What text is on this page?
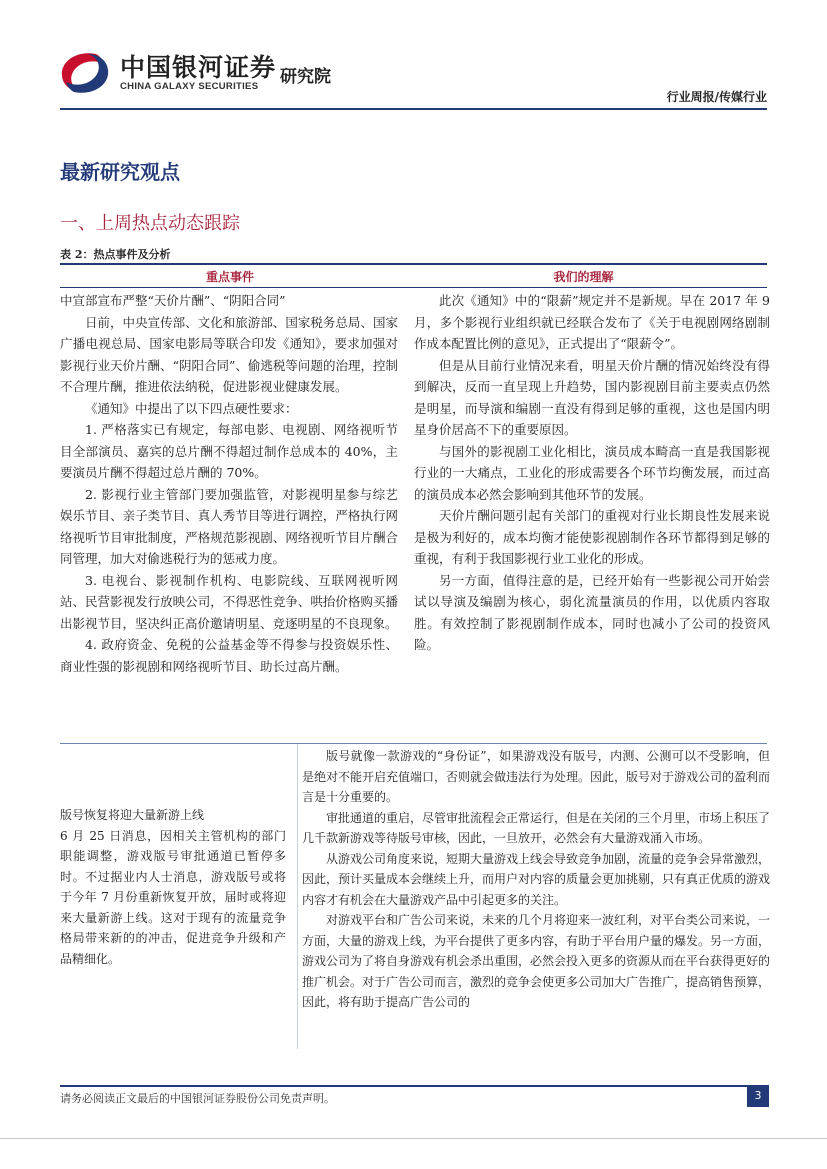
中国银河证券
CHINA GALAXY SECURITIES 研究院
行业周报/传媒行业
最新研究观点
一、上周热点动态跟踪
表 2：热点事件及分析
重点事件	我们的理解

中宣部宣布严整“天价片酬”、“阴阳合同”

日前，中央宣传部、文化和旅游部、国家税务总局、国家广播电视总局、国家电影局等联合印发《通知》，要求加强对影视行业天价片酬、“阴阳合同”、偷逃税等问题的治理，控制不合理片酬，推进依法纳税，促进影视业健康发展。

《通知》中提出了以下四点硬性要求：

1. 严格落实已有规定，每部电影、电视剧、网络视听节目全部演员、嘉宾的总片酬不得超过制作总成本的 40%，主要演员片酬不得超过总片酬的 70%。

2. 影视行业主管部门要加强监管，对影视明星参与综艺娱乐节目、亲子类节目、真人秀节目等进行调控，严格执行网络视听节目审批制度，严格规范影视剧、网络视听节目片酬合同管理，加大对偷逃税行为的惩戒力度。

3. 电视台、影视制作机构、电影院线、互联网视听网站、民营影视发行放映公司，不得恶性竞争、哄抬价格购买播出影视节目，坚决纠正高价邀请明星、竞逐明星的不良现象。

4. 政府资金、免税的公益基金等不得参与投资娱乐性、商业性强的影视剧和网络视听节目、助长过高片酬。

此次《通知》中的“限薪”规定并不是新规。早在 2017 年 9 月，多个影视行业组织就已经联合发布了《关于电视剧网络剧制作成本配置比例的意见》，正式提出了“限薪令”。

但是从目前行业情况来看，明星天价片酬的情况始终没有得到解决，反而一直呈现上升趋势，国内影视剧目前主要卖点仍然是明星，而导演和编剧一直没有得到足够的重视，这也是国内明星身价居高不下的重要原因。

与国外的影视剧工业化相比，演员成本畸高一直是我国影视行业的一大痛点，工业化的形成需要各个环节均衡发展，而过高的演员成本必然会影响到其他环节的发展。

天价片酬问题引起有关部门的重视对行业长期良性发展来说是极为利好的，成本均衡才能使影视剧制作各环节都得到足够的重视，有利于我国影视行业工业化的形成。

另一方面，值得注意的是，已经开始有一些影视公司开始尝试以导演及编剧为核心，弱化流量演员的作用，以优质内容取胜。有效控制了影视剧制作成本，同时也减小了公司的投资风险。

版号恢复将迎大量新游上线

6 月 25 日消息，因相关主管机构的部门职能调整，游戏版号审批通道已暂停多时。不过据业内人士消息，游戏版号或将于今年 7 月份重新恢复开放，届时或将迎来大量新游上线。这对于现有的流量竞争格局带来新的的冲击，促进竞争升级和产品精细化。

版号就像一款游戏的“身份证”，如果游戏没有版号，内测、公测可以不受影响，但是绝对不能开启充值端口，否则就会做违法行为处理。因此，版号对于游戏公司的盈利而言是十分重要的。

审批通道的重启，尽管审批流程会正常运行，但是在关闭的三个月里，市场上积压了几千款新游戏等待版号审核，因此，一旦放开，必然会有大量游戏涌入市场。

从游戏公司角度来说，短期大量游戏上线会导致竞争加剧，流量的竞争会异常激烈，因此，预计买量成本会继续上升，而用户对内容的质量会更加挑剔，只有真正优质的游戏内容才有机会在大量游戏产品中引起更多的关注。

对游戏平台和广告公司来说，未来的几个月将迎来一波红利，对平台类公司来说，一方面，大量的游戏上线，为平台提供了更多内容，有助于平台用户量的爆发。另一方面，游戏公司为了将自身游戏有机会杀出重围，必然会投入更多的资源从而在平台获得更好的推广机会。对于广告公司而言，激烈的竞争会使更多公司加大广告推广，提高销售预算，因此，将有助于提高广告公司的

请务必阅读正文最后的中国银河证券股份公司免责声明。	3
